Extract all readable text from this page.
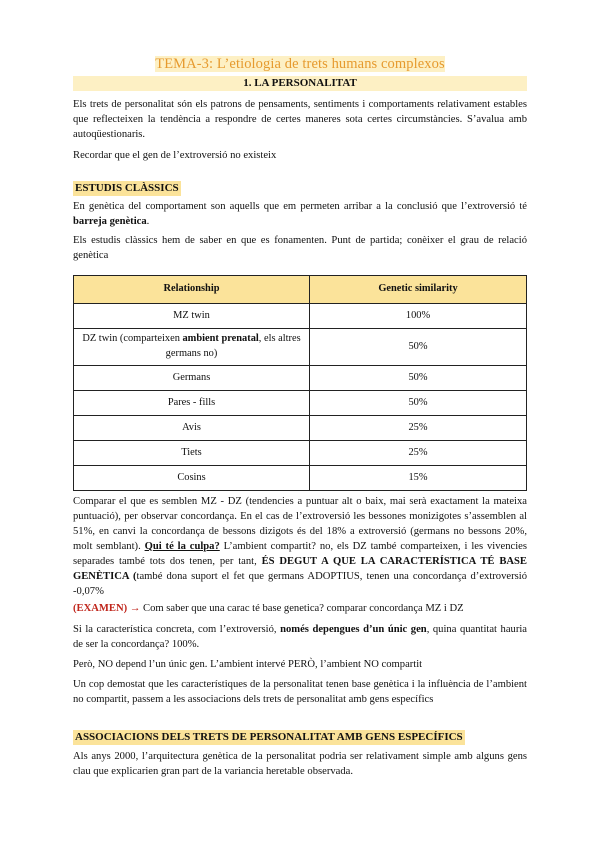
TEMA-3: L’etiologia de trets humans complexos
1. LA PERSONALITAT

Els trets de personalitat són els patrons de pensaments, sentiments i comportaments relativament estables que reflecteixen la tendència a respondre de certes maneres sota certes circumstàncies. S’avalua amb autoqüestionaris.

Recordar que el gen de l’extroversió no existeix

ESTUDIS CLÀSSICS

En genètica del comportament son aquells que em permeten arribar a la conclusió que l’extroversió té barreja genètica.

Els estudis clàssics hem de saber en que es fonamenten. Punt de partida; conèixer el grau de relació genètica

Relationship	Genetic similarity
MZ twin	100%
DZ twin (comparteixen ambient prenatal, els altres germans no)	50%
Germans	50%
Pares - fills	50%
Avis	25%
Tiets	25%
Cosins	15%

Comparar el que es semblen MZ - DZ (tendencies a puntuar alt o baix, mai serà exactament la mateixa puntuació), per observar concordança. En el cas de l’extroversió les bessones monizigotes s’assemblen al 51%, en canvi la concordança de bessons dizigots és del 18% a extroversió (germans no bessons 20%, molt semblant). Qui té la culpa? L’ambient compartit? no, els DZ també comparteixen, i les vivencies separades també tots dos tenen, per tant, ÉS DEGUT A QUE LA CARACTERÍSTICA TÉ BASE GENÈTICA (també dona suport el fet que germans ADOPTIUS, tenen una concordança d’extroversió -0,07%

(EXAMEN) → Com saber que una carac té base genetica? comparar concordança MZ i DZ

Si la característica concreta, com l’extroversió, només depengues d’un únic gen, quina quantitat hauria de ser la concordança? 100%.

Però, NO depend l’un únic gen. L’ambient intervé PERÒ, l’ambient NO compartit

Un cop demostat que les característiques de la personalitat tenen base genètica i la influència de l’ambient no compartit, passem a les associacions dels trets de personalitat amb gens específics

ASSOCIACIONS DELS TRETS DE PERSONALITAT AMB GENS ESPECÍFICS

Als anys 2000, l’arquitectura genètica de la personalitat podria ser relativament simple amb alguns gens clau que explicarien gran part de la variancia heretable observada.
